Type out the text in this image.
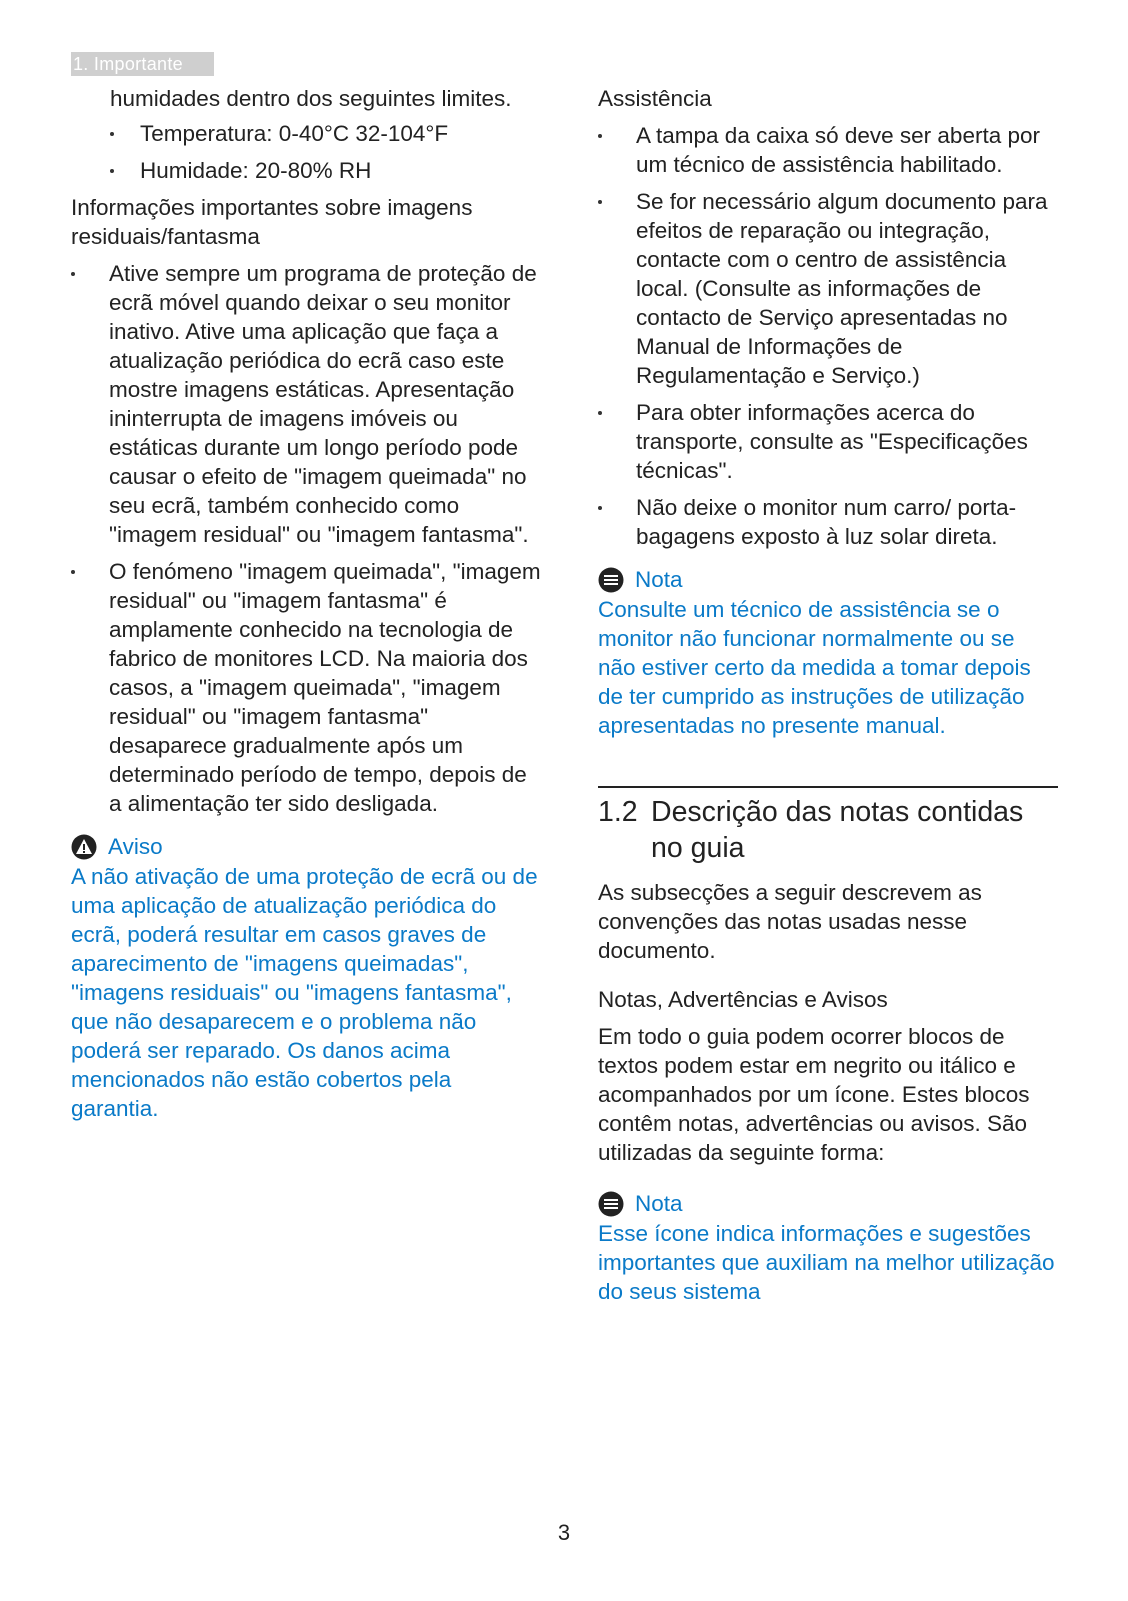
1. Importante

humidades dentro dos seguintes limites.

Temperatura: 0-40°C 32-104°F
Humidade: 20-80% RH

Informações importantes sobre imagens residuais/fantasma

Ative sempre um programa de proteção de ecrã móvel quando deixar o seu monitor inativo. Ative uma aplicação que faça a atualização periódica do ecrã caso este mostre imagens estáticas. Apresentação ininterrupta de imagens imóveis ou estáticas durante um longo período pode causar o efeito de "imagem queimada" no seu ecrã, também conhecido como "imagem residual" ou "imagem fantasma".
O fenómeno "imagem queimada", "imagem residual" ou "imagem fantasma" é amplamente conhecido na tecnologia de fabrico de monitores LCD. Na maioria dos casos, a "imagem queimada", "imagem residual" ou "imagem fantasma" desaparece gradualmente após um determinado período de tempo, depois de a alimentação ter sido desligada.
Aviso

A não ativação de uma proteção de ecrã ou de uma aplicação de atualização periódica do ecrã, poderá resultar em casos graves de aparecimento de "imagens queimadas", "imagens residuais" ou "imagens fantasma", que não desaparecem e o problema não poderá ser reparado. Os danos acima mencionados não estão cobertos pela garantia.

Assistência

A tampa da caixa só deve ser aberta por um técnico de assistência habilitado.
Se for necessário algum documento para efeitos de reparação ou integração, contacte com o centro de assistência local. (Consulte as informações de contacto de Serviço apresentadas no Manual de Informações de Regulamentação e Serviço.)
Para obter informações acerca do transporte, consulte as "Especificações técnicas".
Não deixe o monitor num carro/ porta-bagagens exposto à luz solar direta.
Nota

Consulte um técnico de assistência se o monitor não funcionar normalmente ou se não estiver certo da medida a tomar depois de ter cumprido as instruções de utilização apresentadas no presente manual.

1.2 Descrição das notas contidas no guia

As subsecções a seguir descrevem as convenções das notas usadas nesse documento.

Notas, Advertências e Avisos

Em todo o guia podem ocorrer blocos de textos podem estar em negrito ou itálico e acompanhados por um ícone. Estes blocos contêm notas, advertências ou avisos. São utilizadas da seguinte forma:

Nota

Esse ícone indica informações e sugestões importantes que auxiliam na melhor utilização do seus sistema

3
